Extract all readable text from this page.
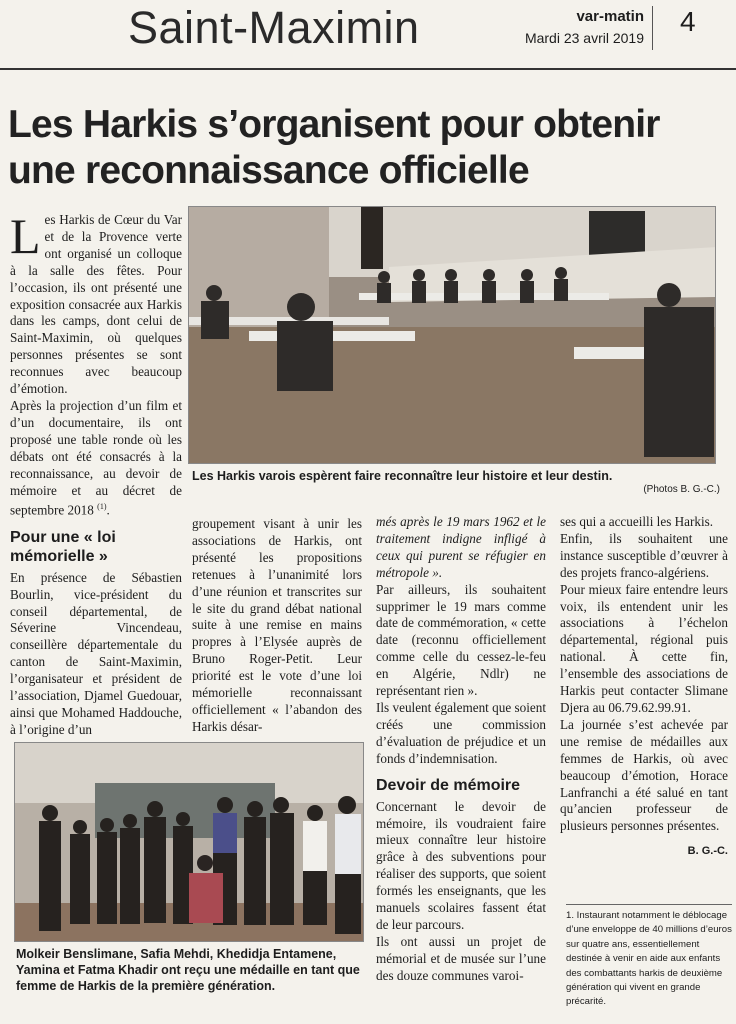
Saint-Maximin	var-matin
Mardi 23 avril 2019
4
Les Harkis s’organisent pour obtenir une reconnaissance officielle

Les Harkis de Cœur du Var et de la Provence verte ont organisé un colloque à la salle des fêtes. Pour l’occasion, ils ont présenté une exposition consacrée aux Harkis dans les camps, dont celui de Saint-Maximin, où quelques personnes présentes se sont reconnues avec beaucoup d’émotion.

Après la projection d’un film et d’un documentaire, ils ont proposé une table ronde où les débats ont été consacrés à la reconnaissance, au devoir de mémoire et au décret de septembre 2018 $^{(1)}$.

Pour une « loi mémorielle »

En présence de Sébastien Bourlin, vice-président du conseil départemental, de Séverine Vincendeau, conseillère départementale du canton de Saint-Maximin, l’organisateur et président de l’association, Djamel Guedouar, ainsi que Mohamed Haddouche, à l’origine d’un

Les Harkis varois espèrent faire reconnaître leur histoire et leur destin.
(Photos B. G.-C.)

groupement visant à unir les associations de Harkis, ont présenté les propositions retenues à l’unanimité lors d’une réunion et transcrites sur le site du grand débat national suite à une remise en mains propres à l’Elysée auprès de Bruno Roger-Petit. Leur priorité est le vote d’une loi mémorielle reconnaissant officiellement « l’abandon des Harkis désar-

més après le 19 mars 1962 et le traitement indigne infligé à ceux qui purent se réfugier en métropole ».

Par ailleurs, ils souhaitent supprimer le 19 mars comme date de commémoration, « cette date (reconnu officiellement comme celle du cessez-le-feu en Algérie, Ndlr) ne représentant rien ».

Ils veulent également que soient créés une commission d’évaluation de préjudice et un fonds d’indemnisation.

Devoir de mémoire

Concernant le devoir de mémoire, ils voudraient faire mieux connaître leur histoire grâce à des subventions pour réaliser des supports, que soient formés les enseignants, que les manuels scolaires fassent état de leur parcours.

Ils ont aussi un projet de mémorial et de musée sur l’une des douze communes varoi-

ses qui a accueilli les Harkis.

Enfin, ils souhaitent une instance susceptible d’œuvrer à des projets franco-algériens.

Pour mieux faire entendre leurs voix, ils entendent unir les associations à l’échelon départemental, régional puis national. À cette fin, l’ensemble des associations de Harkis peut contacter Slimane Djera au 06.79.62.99.91.

La journée s’est achevée par une remise de médailles aux femmes de Harkis, où avec beaucoup d’émotion, Horace Lanfranchi a été salué en tant qu’ancien professeur de plusieurs personnes présentes.

B. G.-C.
1. Instaurant notamment le déblocage d’une enveloppe de 40 millions d’euros sur quatre ans, essentiellement destinée à venir en aide aux enfants des combattants harkis de deuxième génération qui vivent en grande précarité.
Molkeir Benslimane, Safia Mehdi, Khedidja Entamene, Yamina et Fatma Khadir ont reçu une médaille en tant que femme de Harkis de la première génération.
